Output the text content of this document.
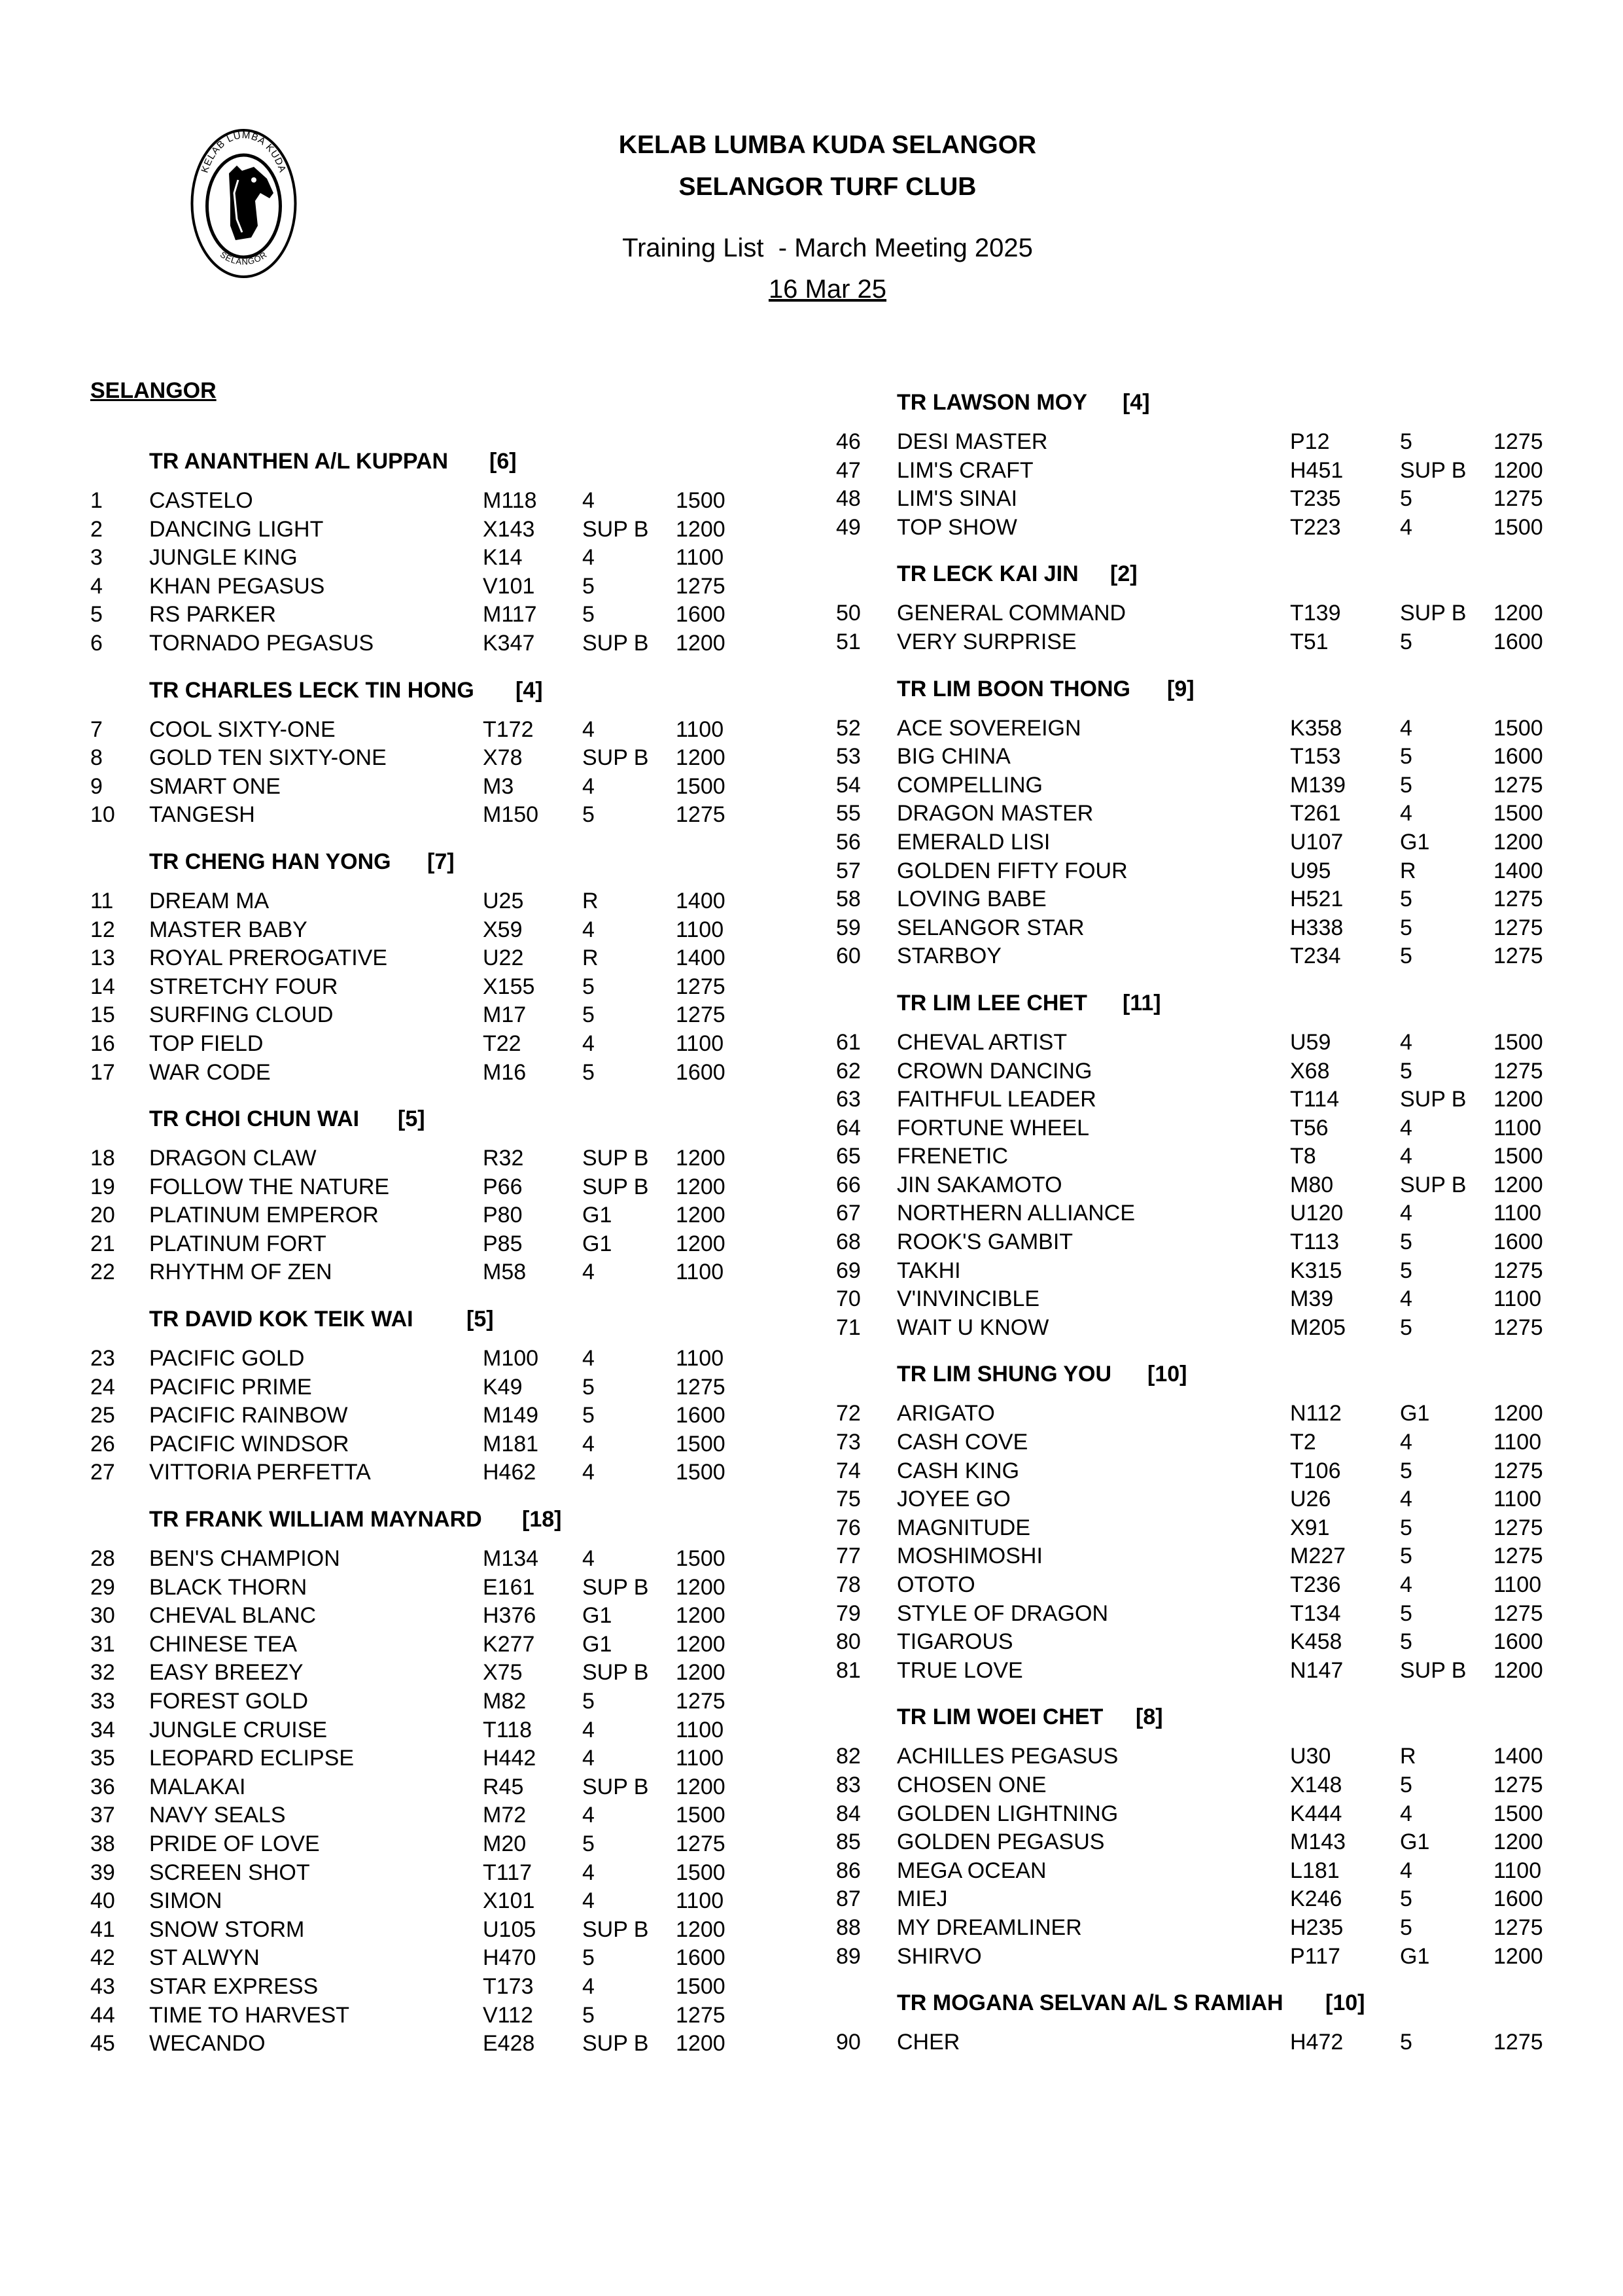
KELAB LUMBA KUDA
SELANGOR
KELAB LUMBA KUDA SELANGOR
SELANGOR TURF CLUB
Training List  - March Meeting 2025
16 Mar 25
SELANGOR
TR ANANTHEN A/L KUPPAN [6]
1 CASTELO	M118 4	1500
2 DANCING LIGHT	X143 SUP B 1200
3 JUNGLE KING	K14	4	1100
4 KHAN PEGASUS	V101 5	1275
5 RS PARKER	M117 5	1600
6 TORNADO PEGASUS	K347 SUP B 1200
TR CHARLES LECK TIN HONG [4]
7 COOL SIXTY-ONE	T172 4	1100
8 GOLD TEN SIXTY-ONE	X78	SUP B 1200
9 SMART ONE	M3	4	1500
10 TANGESH	M150 5	1275
TR CHENG HAN YONG [7]
11 DREAM MA	U25	R	1400
12 MASTER BABY	X59	4	1100
13 ROYAL PREROGATIVE	U22	R	1400
14 STRETCHY FOUR	X155 5	1275
15 SURFING CLOUD	M17	5	1275
16 TOP FIELD	T22	4	1100
17 WAR CODE	M16	5	1600
TR CHOI CHUN WAI [5]
18 DRAGON CLAW	R32	SUP B 1200
19 FOLLOW THE NATURE	P66	SUP B 1200
20 PLATINUM EMPEROR	P80	G1	1200
21 PLATINUM FORT	P85	G1	1200
22 RHYTHM OF ZEN	M58	4	1100
TR DAVID KOK TEIK WAI [5]
23 PACIFIC GOLD	M100 4	1100
24 PACIFIC PRIME	K49	5	1275
25 PACIFIC RAINBOW	M149 5	1600
26 PACIFIC WINDSOR	M181 4	1500
27 VITTORIA PERFETTA	H462 4	1500
TR FRANK WILLIAM MAYNARD [18]
28 BEN'S CHAMPION	M134 4	1500
29 BLACK THORN	E161 SUP B 1200
30 CHEVAL BLANC	H376 G1	1200
31 CHINESE TEA	K277 G1	1200
32 EASY BREEZY	X75	SUP B 1200
33 FOREST GOLD	M82	5	1275
34 JUNGLE CRUISE	T118 4	1100
35 LEOPARD ECLIPSE	H442 4	1100
36 MALAKAI	R45	SUP B 1200
37 NAVY SEALS	M72	4	1500
38 PRIDE OF LOVE	M20	5	1275
39 SCREEN SHOT	T117 4	1500
40 SIMON	X101 4	1100
41 SNOW STORM	U105 SUP B 1200
42 ST ALWYN	H470 5	1600
43 STAR EXPRESS	T173 4	1500
44 TIME TO HARVEST	V112 5	1275
45 WECANDO	E428 SUP B 1200
TR LAWSON MOY [4]
46 DESI MASTER	P12	5	1275
47 LIM'S CRAFT	H451	SUP B 1200
48 LIM'S SINAI	T235	5	1275
49 TOP SHOW	T223	4	1500
TR LECK KAI JIN [2]
50 GENERAL COMMAND	T139	SUP B 1200
51 VERY SURPRISE	T51	5	1600
TR LIM BOON THONG [9]
52 ACE SOVEREIGN	K358	4	1500
53 BIG CHINA	T153	5	1600
54 COMPELLING	M139 5	1275
55 DRAGON MASTER	T261	4	1500
56 EMERALD LISI	U107	G1	1200
57 GOLDEN FIFTY FOUR	U95	R	1400
58 LOVING BABE	H521	5	1275
59 SELANGOR STAR	H338	5	1275
60 STARBOY	T234	5	1275
TR LIM LEE CHET [11]
61 CHEVAL ARTIST	U59	4	1500
62 CROWN DANCING	X68	5	1275
63 FAITHFUL LEADER	T114	SUP B 1200
64 FORTUNE WHEEL	T56	4	1100
65 FRENETIC	T8	4	1500
66 JIN SAKAMOTO	M80	SUP B 1200
67 NORTHERN ALLIANCE	U120	4	1100
68 ROOK'S GAMBIT	T113	5	1600
69 TAKHI	K315	5	1275
70 V'INVINCIBLE	M39	4	1100
71 WAIT U KNOW	M205 5	1275
TR LIM SHUNG YOU [10]
72 ARIGATO	N112	G1	1200
73 CASH COVE	T2	4	1100
74 CASH KING	T106	5	1275
75 JOYEE GO	U26	4	1100
76 MAGNITUDE	X91	5	1275
77 MOSHIMOSHI	M227 5	1275
78 OTOTO	T236	4	1100
79 STYLE OF DRAGON	T134	5	1275
80 TIGAROUS	K458	5	1600
81 TRUE LOVE	N147	SUP B 1200
TR LIM WOEI CHET [8]
82 ACHILLES PEGASUS	U30	R	1400
83 CHOSEN ONE	X148	5	1275
84 GOLDEN LIGHTNING	K444	4	1500
85 GOLDEN PEGASUS	M143 G1	1200
86 MEGA OCEAN	L181	4	1100
87 MIEJ	K246	5	1600
88 MY DREAMLINER	H235	5	1275
89 SHIRVO	P117	G1	1200
TR MOGANA SELVAN A/L S RAMIAH [10]
90 CHER	H472	5	1275
